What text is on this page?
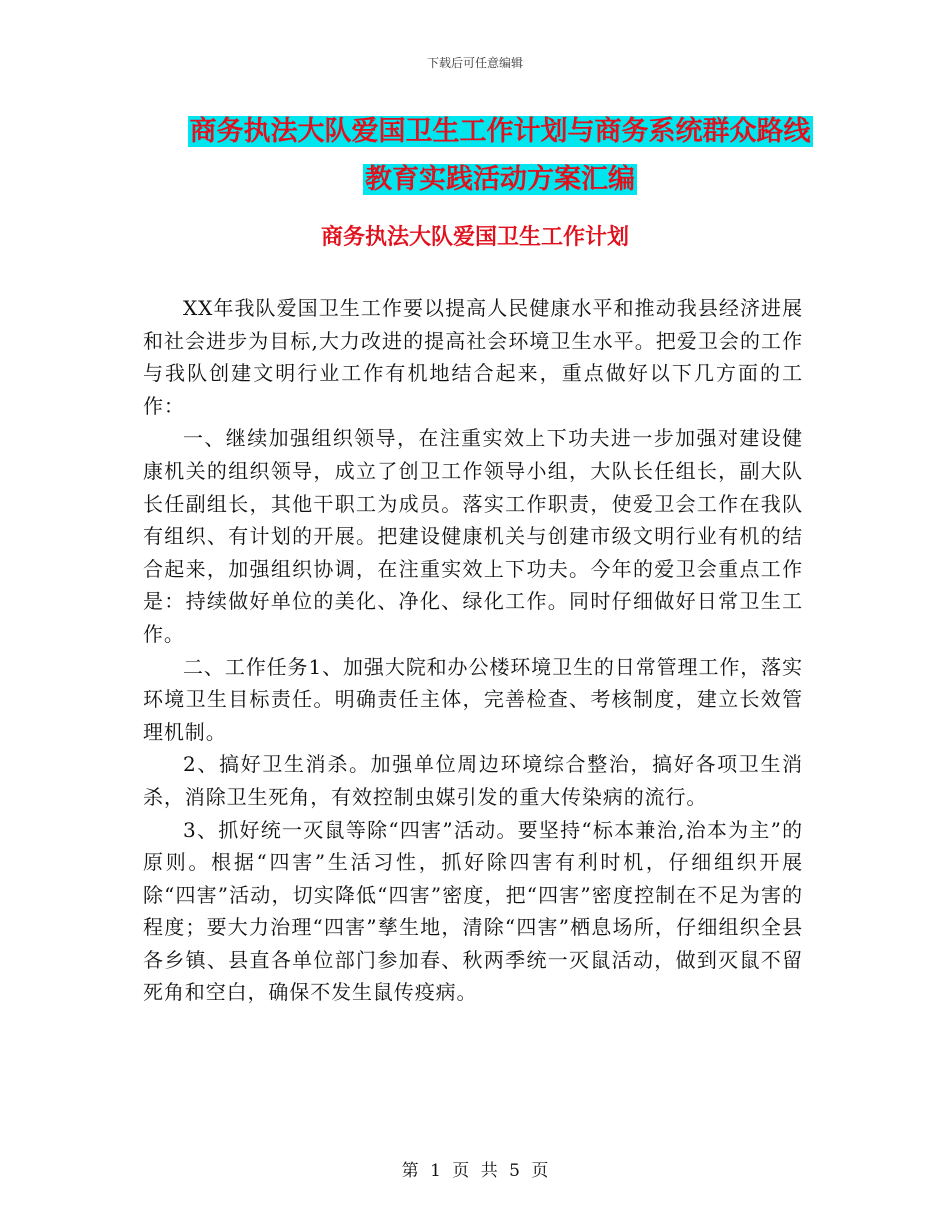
下载后可任意编辑
商务执法大队爱国卫生工作计划与商务系统群众路线
教育实践活动方案汇编
商务执法大队爱国卫生工作计划

XX年我队爱国卫生工作要以提高人民健康水平和推动我县经济进展和社会进步为目标,大力改进的提高社会环境卫生水平。把爱卫会的工作与我队创建文明行业工作有机地结合起来，重点做好以下几方面的工作：

一、继续加强组织领导，在注重实效上下功夫进一步加强对建设健康机关的组织领导，成立了创卫工作领导小组，大队长任组长，副大队长任副组长，其他干职工为成员。落实工作职责，使爱卫会工作在我队有组织、有计划的开展。把建设健康机关与创建市级文明行业有机的结合起来，加强组织协调，在注重实效上下功夫。今年的爱卫会重点工作是：持续做好单位的美化、净化、绿化工作。同时仔细做好日常卫生工作。

二、工作任务1、加强大院和办公楼环境卫生的日常管理工作，落实环境卫生目标责任。明确责任主体，完善检查、考核制度，建立长效管理机制。

2、搞好卫生消杀。加强单位周边环境综合整治，搞好各项卫生消杀，消除卫生死角，有效控制虫媒引发的重大传染病的流行。

3、抓好统一灭鼠等除“四害”活动。要坚持“标本兼治,治本为主”的原则。根据“四害”生活习性，抓好除四害有利时机，仔细组织开展除“四害”活动，切实降低“四害”密度，把“四害”密度控制在不足为害的程度；要大力治理“四害”孳生地，清除“四害”栖息场所，仔细组织全县各乡镇、县直各单位部门参加春、秋两季统一灭鼠活动，做到灭鼠不留死角和空白，确保不发生鼠传疫病。

第 1 页 共 5 页
